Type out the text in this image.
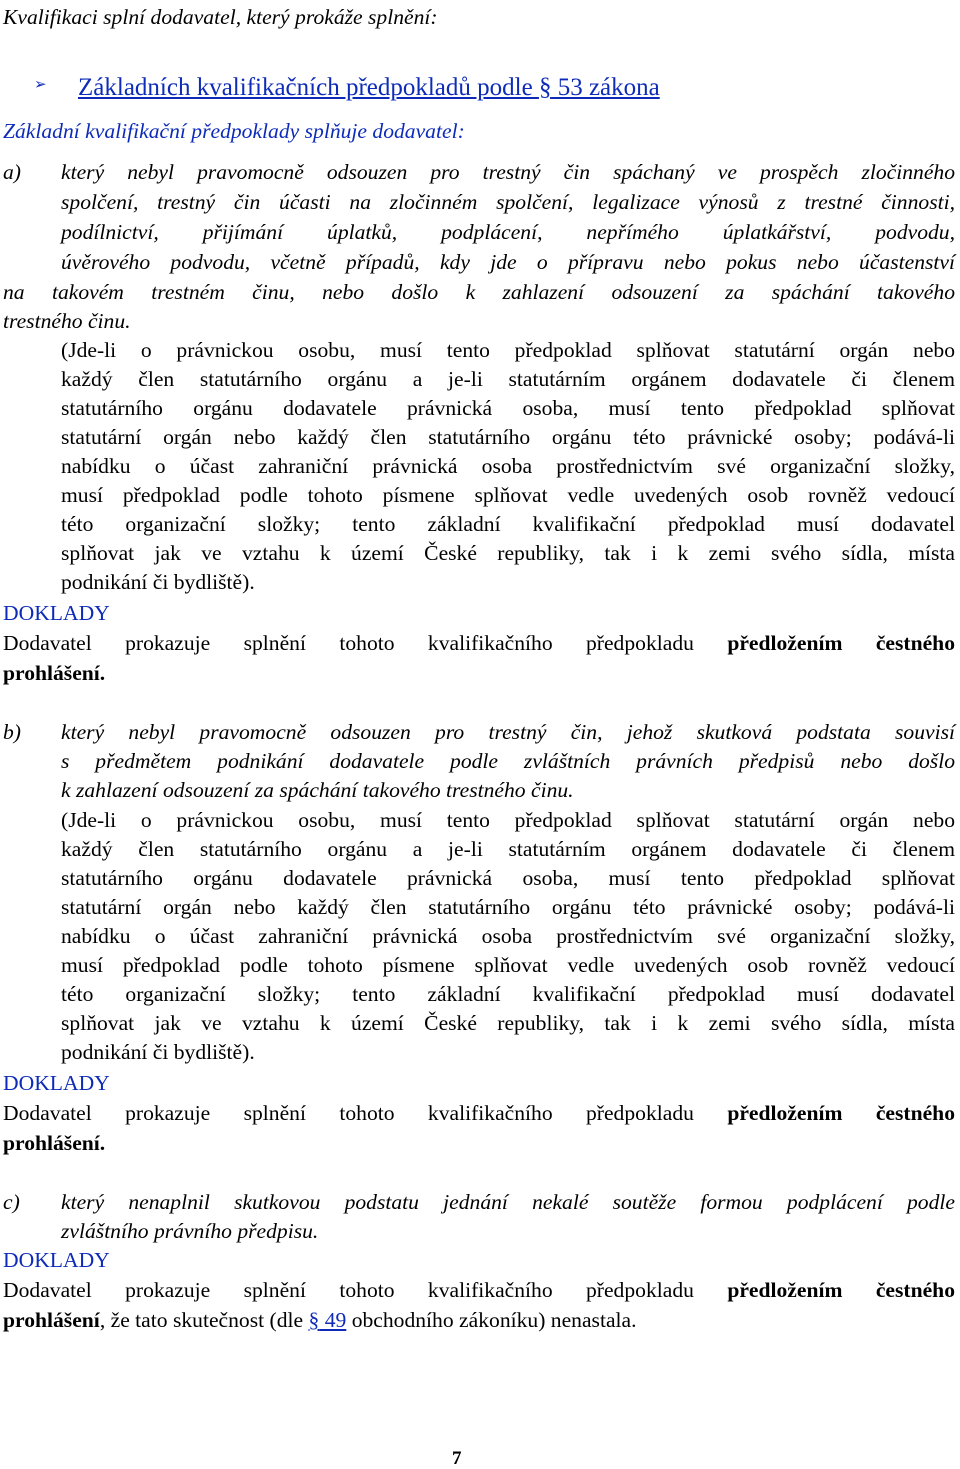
Kvalifikaci splní dodavatel, který prokáže splnění:
➢ Základních kvalifikačních předpokladů podle § 53 zákona
Základní kvalifikační předpoklady splňuje dodavatel:
a) který nebyl pravomocně odsouzen pro trestný čin spáchaný ve prospěch zločinného
spolčení, trestný čin účasti na zločinném spolčení, legalizace výnosů z trestné činnosti,
podílnictví, přijímání úplatků, podplácení, nepřímého úplatkářství, podvodu,
úvěrového podvodu, včetně případů, kdy jde o přípravu nebo pokus nebo účastenství
na takovém trestném činu, nebo došlo k zahlazení odsouzení za spáchání takového
trestného činu.
(Jde-li o právnickou osobu, musí tento předpoklad splňovat statutární orgán nebo
každý člen statutárního orgánu a je-li statutárním orgánem dodavatele či členem
statutárního orgánu dodavatele právnická osoba, musí tento předpoklad splňovat
statutární orgán nebo každý člen statutárního orgánu této právnické osoby; podává-li
nabídku o účast zahraniční právnická osoba prostřednictvím své organizační složky,
musí předpoklad podle tohoto písmene splňovat vedle uvedených osob rovněž vedoucí
této organizační složky; tento základní kvalifikační předpoklad musí dodavatel
splňovat jak ve vztahu k území České republiky, tak i k zemi svého sídla, místa
podnikání či bydliště).
DOKLADY
Dodavatel prokazuje splnění tohoto kvalifikačního předpokladu předložením čestného
prohlášení.
b) který nebyl pravomocně odsouzen pro trestný čin, jehož skutková podstata souvisí
s předmětem podnikání dodavatele podle zvláštních právních předpisů nebo došlo
k zahlazení odsouzení za spáchání takového trestného činu.
(Jde-li o právnickou osobu, musí tento předpoklad splňovat statutární orgán nebo
každý člen statutárního orgánu a je-li statutárním orgánem dodavatele či členem
statutárního orgánu dodavatele právnická osoba, musí tento předpoklad splňovat
statutární orgán nebo každý člen statutárního orgánu této právnické osoby; podává-li
nabídku o účast zahraniční právnická osoba prostřednictvím své organizační složky,
musí předpoklad podle tohoto písmene splňovat vedle uvedených osob rovněž vedoucí
této organizační složky; tento základní kvalifikační předpoklad musí dodavatel
splňovat jak ve vztahu k území České republiky, tak i k zemi svého sídla, místa
podnikání či bydliště).
DOKLADY
Dodavatel prokazuje splnění tohoto kvalifikačního předpokladu předložením čestného
prohlášení.
c) který nenaplnil skutkovou podstatu jednání nekalé soutěže formou podplácení podle
zvláštního právního předpisu.
DOKLADY
Dodavatel prokazuje splnění tohoto kvalifikačního předpokladu předložením čestného
prohlášení, že tato skutečnost (dle § 49 obchodního zákoníku) nenastala.
7
